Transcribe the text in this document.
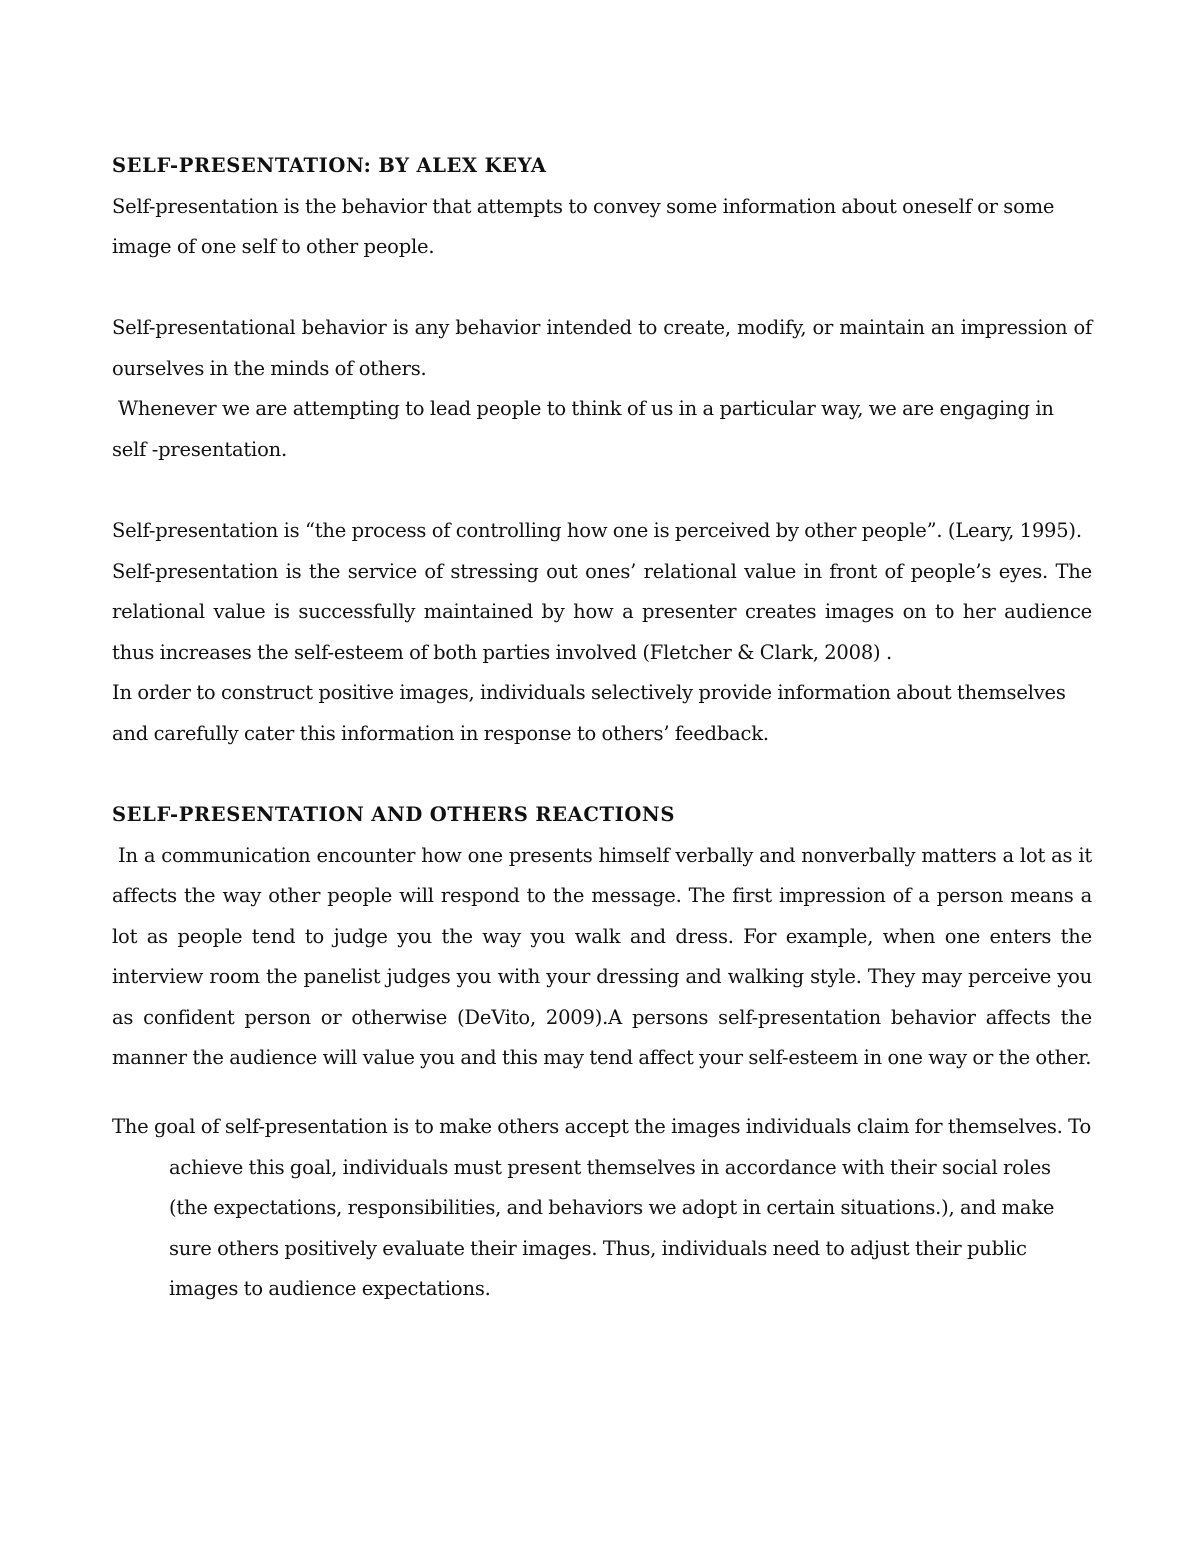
SELF-PRESENTATION: BY ALEX KEYA

Self-presentation is the behavior that attempts to convey some information about oneself or some image of one self to other people.

Self-presentational behavior is any behavior intended to create, modify, or maintain an impression of ourselves in the minds of others.

Whenever we are attempting to lead people to think of us in a particular way, we are engaging in self -presentation.

Self-presentation is “the process of controlling how one is perceived by other people”. (Leary, 1995).

Self-presentation is the service of stressing out ones’ relational value in front of people’s eyes. The relational value is successfully maintained by how a presenter creates images on to her audience thus increases the self-esteem of both parties involved (Fletcher & Clark, 2008) .

In order to construct positive images, individuals selectively provide information about themselves and carefully cater this information in response to others’ feedback.

SELF-PRESENTATION AND OTHERS REACTIONS

In a communication encounter how one presents himself verbally and nonverbally matters a lot as it affects the way other people will respond to the message. The first impression of a person means a lot as people tend to judge you the way you walk and dress. For example, when one enters the interview room the panelist judges you with your dressing and walking style. They may perceive you as confident person or otherwise (DeVito, 2009).A persons self-presentation behavior affects the manner the audience will value you and this may tend affect your self-esteem in one way or the other.

The goal of self-presentation is to make others accept the images individuals claim for themselves. To achieve this goal, individuals must present themselves in accordance with their social roles (the expectations, responsibilities, and behaviors we adopt in certain situations.), and make sure others positively evaluate their images. Thus, individuals need to adjust their public images to audience expectations.
